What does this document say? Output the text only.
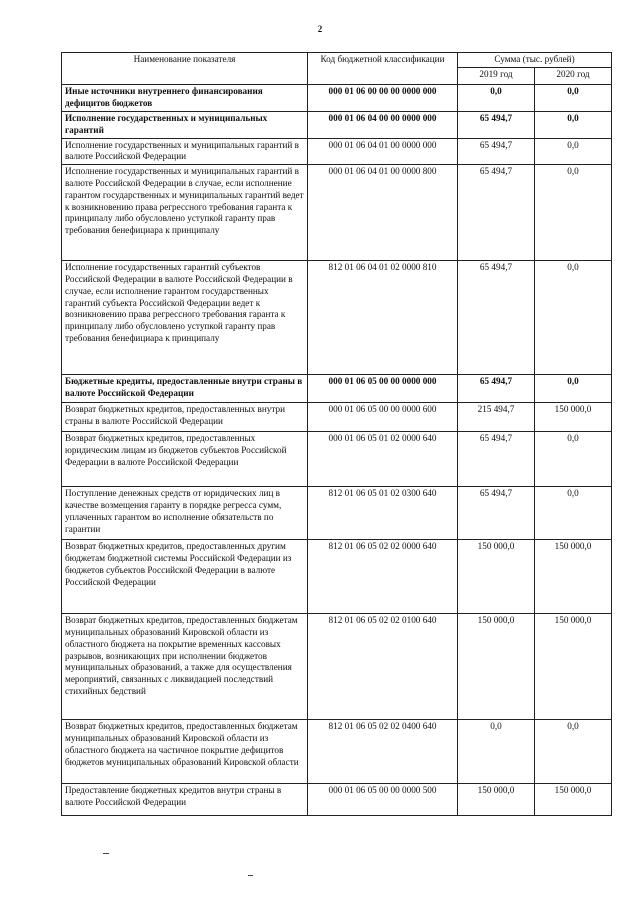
2
Наименование показателя	Код бюджетной классификации	Сумма (тыс. рублей)	
		2019 год	2020 год
Иные источники внутреннего финансирования дефицитов бюджетов	000 01 06 00 00 00 0000 000	0,0	0,0
Исполнение государственных и муниципальных гарантий	000 01 06 04 00 00 0000 000	65 494,7	0,0
Исполнение государственных и муниципальных гарантий в валюте Российской Федерации	000 01 06 04 01 00 0000 000	65 494,7	0,0
Исполнение государственных и муниципальных гарантий в валюте Российской Федерации в случае, если исполнение гарантом государственных и муниципальных гарантий ведет к возникновению права регрессного требования гаранта к принципалу либо обусловлено уступкой гаранту прав требования бенефициара к принципалу	000 01 06 04 01 00 0000 800	65 494,7	0,0
Исполнение государственных гарантий субъектов Российской Федерации в валюте Российской Федерации в случае, если исполнение гарантом государственных гарантий субъекта Российской Федерации ведет к возникновению права регрессного требования гаранта к принципалу либо обусловлено уступкой гаранту прав требования бенефициара к принципалу	812 01 06 04 01 02 0000 810	65 494,7	0,0
Бюджетные кредиты, предоставленные внутри страны в валюте Российской Федерации	000 01 06 05 00 00 0000 000	65 494,7	0,0
Возврат бюджетных кредитов, предоставленных внутри страны в валюте Российской Федерации	000 01 06 05 00 00 0000 600	215 494,7	150 000,0
Возврат бюджетных кредитов, предоставленных юридическим лицам из бюджетов субъектов Российской Федерации в валюте Российской Федерации	000 01 06 05 01 02 0000 640	65 494,7	0,0
Поступление денежных средств от юридических лиц в качестве возмещения гаранту в порядке регресса сумм, уплаченных гарантом во исполнение обязательств по гарантии	812 01 06 05 01 02 0300 640	65 494,7	0,0
Возврат бюджетных кредитов, предоставленных другим бюджетам бюджетной системы Российской Федерации из бюджетов субъектов Российской Федерации в валюте Российской Федерации	812 01 06 05 02 02 0000 640	150 000,0	150 000,0
Возврат бюджетных кредитов, предоставленных бюджетам муниципальных образований Кировской области из областного бюджета на покрытие временных кассовых разрывов, возникающих при исполнении бюджетов муниципальных образований, а также для осуществления мероприятий, связанных с ликвидацией последствий стихийных бедствий	812 01 06 05 02 02 0100 640	150 000,0	150 000,0
Возврат бюджетных кредитов, предоставленных бюджетам муниципальных образований Кировской области из областного бюджета на частичное покрытие дефицитов бюджетов муниципальных образований Кировской области	812 01 06 05 02 02 0400 640	0,0	0,0
Предоставление бюджетных кредитов внутри страны в валюте Российской Федерации	000 01 06 05 00 00 0000 500	150 000,0	150 000,0
